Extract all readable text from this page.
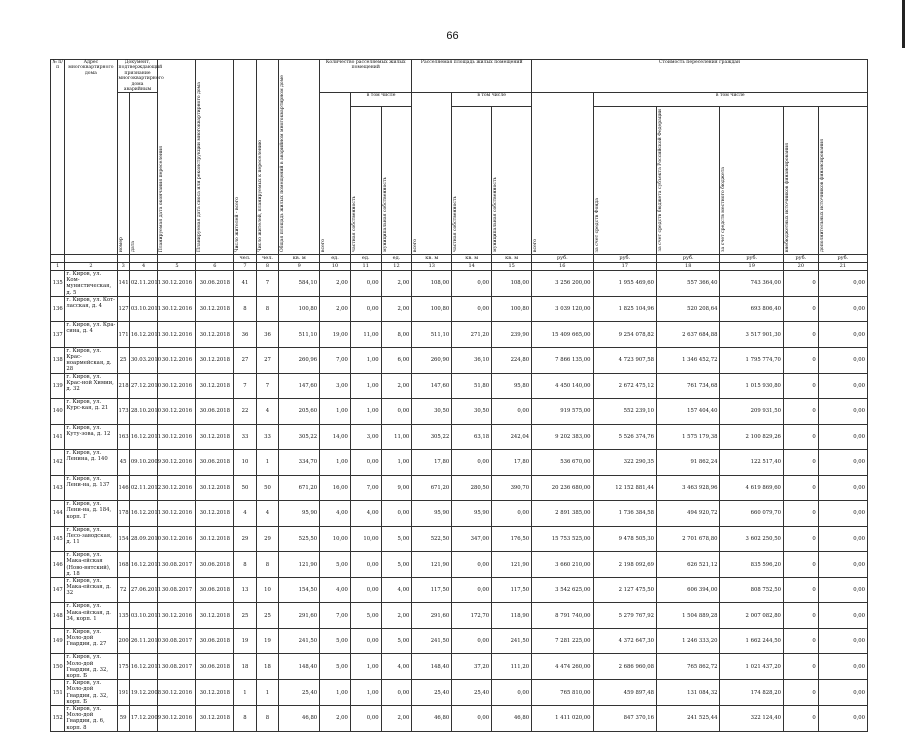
66
№ п/п	Адрес многоквартирного дома	Документ, подтверждающий признание многоквартирного дома аварийным		Планируемая дата окончания переселения	Планируемая дата сноса или реконструкции многоквартирного дома	Число жителей - всего	Число жителей, планируемых к переселению	Общая площадь жилых помещений в аварийном многоквартирном доме	Количество расселяемых жилых помещений			Расселяемая площадь жилых помещений			Стоимость переселения граждан					

		номер	дата						всего	в том числе		всего	в том числе		всего	в том числе				

										частная собственность	муниципальная собственность		частная собственность	муниципальная собственность		за счет средств Фонда	за счет средств бюджета субъекта Российской Федерации	за счет средств местного бюджета	внебюджетных источников финансирования	дополнительных источников финансирования

						чел.	чел.	кв. м	ед.	ед.	ед.	кв. м	кв. м	кв. м	руб.	руб.	руб.	руб.	руб.	руб.
1	2	3	4	5	6	7	8	9	10	11	12	13	14	15	16	17	18	19	20	21
135	г. Киров, ул. Ком-мунистическая, д. 5	141	02.11.2011	30.12.2016	30.06.2018	41	7	584,10	2,00	0,00	2,00	108,00	0,00	108,00	3 256 200,00	1 955 469,60	557 366,40	743 364,00	0	0,00
136	г. Киров, ул. Кот-ласская, д. 4	127	03.10.2011	30.12.2016	30.12.2018	8	8	100,80	2,00	0,00	2,00	100,80	0,00	100,80	3 039 120,00	1 825 104,96	520 208,64	693 806,40	0	0,00
137	г. Киров, ул. Кра-сина, д. 4	171	16.12.2011	30.12.2016	30.12.2018	36	36	511,10	19,00	11,00	8,00	511,10	271,20	239,90	15 409 665,00	9 254 078,82	2 637 684,88	3 517 901,30	0	0,00
138	г. Киров, ул. Крас-ноармейская, д. 28	25	30.03.2010	30.12.2016	30.12.2018	27	27	260,96	7,00	1,00	6,00	260,90	36,10	224,80	7 866 135,00	4 723 907,58	1 346 452,72	1 795 774,70	0	0,00
139	г. Киров, ул. Крас-ной Химии, д. 32	218	27.12.2010	30.12.2016	30.12.2018	7	7	147,60	3,00	1,00	2,00	147,60	51,80	95,80	4 450 140,00	2 672 475,12	761 734,68	1 015 930,80	0	0,00
140	г. Киров, ул. Курс-кая, д. 21	173	28.10.2010	30.12.2016	30.06.2018	22	4	205,60	1,00	1,00	0,00	30,50	30,50	0,00	919 575,00	552 239,10	157 404,40	209 931,50	0	0,00
141	г. Киров, ул. Куту-зова, д. 12	163	16.12.2011	30.12.2016	30.12.2018	33	33	305,22	14,00	3,00	11,00	305,22	63,18	242,04	9 202 383,00	5 526 374,76	1 575 179,38	2 100 829,26	0	0,00
142	г. Киров, ул. Ленина, д. 140	45	09.10.2009	30.12.2016	30.06.2018	10	1	334,70	1,00	0,00	1,00	17,80	0,00	17,80	536 670,00	322 290,35	91 862,24	122 517,40	0	0,00
143	г. Киров, ул. Лени-на, д. 137	146	02.11.2012	30.12.2016	30.12.2018	50	50	671,20	16,00	7,00	9,00	671,20	280,50	390,70	20 236 680,00	12 152 881,44	3 463 928,96	4 619 869,60	0	0,00
144	г. Киров, ул. Лени-на, д. 184, корп. Г	178	16.12.2011	30.12.2016	30.12.2018	4	4	95,90	4,00	4,00	0,00	95,90	95,90	0,00	2 891 385,00	1 736 384,58	494 920,72	660 079,70	0	0,00
145	г. Киров, ул. Лесо-заводская, д. 11	154	28.09.2010	30.12.2016	30.12.2018	29	29	525,50	10,00	10,00	5,00	522,50	347,00	176,50	15 753 525,00	9 478 505,30	2 701 678,80	3 602 250,50	0	0,00
146	г. Киров, ул. Мака-ейская (Ново-вятский), д. 18	168	16.12.2011	30.08.2017	30.06.2018	8	8	121,90	5,00	0,00	5,00	121,90	0,00	121,90	3 660 210,00	2 198 092,69	626 521,12	835 596,20	0	0,00
147	г. Киров, ул. Мака-ейская, д. 32	72	27.06.2011	30.08.2017	30.06.2018	13	10	154,50	4,00	0,00	4,00	117,50	0,00	117,50	3 542 625,00	2 127 475,50	606 394,00	808 752,50	0	0,00
148	г. Киров, ул. Мака-ейская, д. 34, корп. 1	135	03.10.2011	30.12.2016	30.12.2018	25	25	291,60	7,00	5,00	2,00	291,60	172,70	118,90	8 791 740,00	5 279 767,92	1 504 889,28	2 007 082,80	0	0,00
149	г. Киров, ул. Моло-дой Гвардии, д. 27	200	26.11.2010	30.08.2017	30.06.2018	19	19	241,50	5,00	0,00	5,00	241,50	0,00	241,50	7 281 225,00	4 372 647,30	1 246 333,20	1 662 244,50	0	0,00
150	г. Киров, ул. Моло-дой Гвардии, д. 32, корп. Б	175	16.12.2011	30.08.2017	30.06.2018	18	18	148,40	5,00	1,00	4,00	148,40	37,20	111,20	4 474 260,00	2 686 960,08	765 862,72	1 021 437,20	0	0,00
151	г. Киров, ул. Моло-дой Гвардии, д. 32, корп. Б	191	19.12.2008	30.12.2016	30.12.2018	1	1	25,40	1,00	1,00	0,00	25,40	25,40	0,00	765 810,00	459 897,48	131 084,32	174 828,20	0	0,00
152	г. Киров, ул. Моло-дой Гвардии, д. 6, корп. 8	59	17.12.2009	30.12.2016	30.12.2018	8	8	46,80	2,00	0,00	2,00	46,80	0,00	46,80	1 411 020,00	847 370,16	241 525,44	322 124,40	0	0,00
